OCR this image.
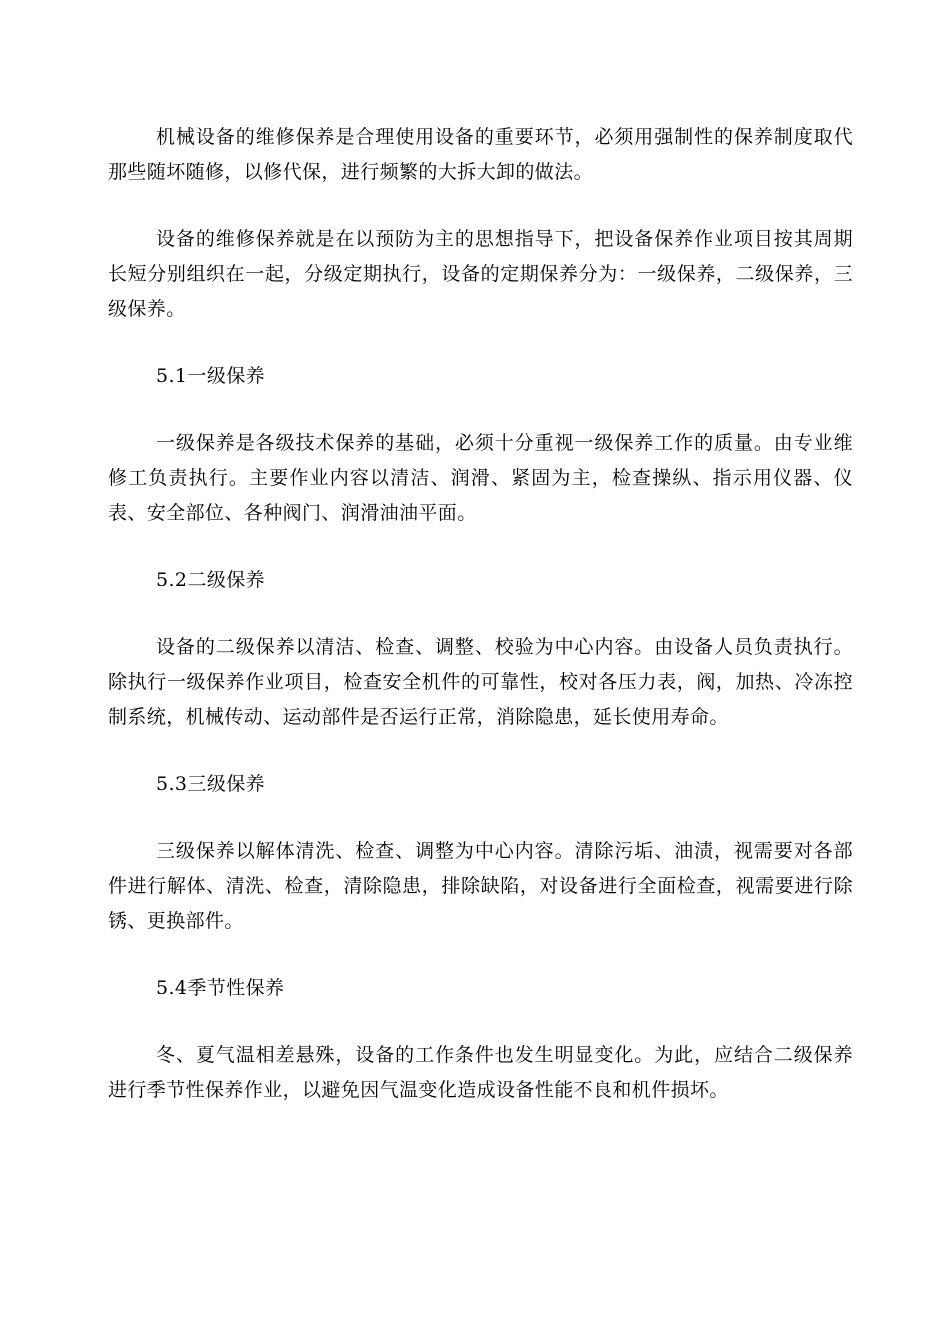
机械设备的维修保养是合理使用设备的重要环节，必须用强制性的保养制度取代那些随坏随修，以修代保，进行频繁的大拆大卸的做法。

设备的维修保养就是在以预防为主的思想指导下，把设备保养作业项目按其周期长短分别组织在一起，分级定期执行，设备的定期保养分为：一级保养，二级保养，三级保养。

5.1一级保养

一级保养是各级技术保养的基础，必须十分重视一级保养工作的质量。由专业维修工负责执行。主要作业内容以清洁、润滑、紧固为主，检查操纵、指示用仪器、仪表、安全部位、各种阀门、润滑油油平面。

5.2二级保养

设备的二级保养以清洁、检查、调整、校验为中心内容。由设备人员负责执行。除执行一级保养作业项目，检查安全机件的可靠性，校对各压力表，阀，加热、冷冻控制系统，机械传动、运动部件是否运行正常，消除隐患，延长使用寿命。

5.3三级保养

三级保养以解体清洗、检查、调整为中心内容。清除污垢、油渍，视需要对各部件进行解体、清洗、检查，清除隐患，排除缺陷，对设备进行全面检查，视需要进行除锈、更换部件。

5.4季节性保养

冬、夏气温相差悬殊，设备的工作条件也发生明显变化。为此，应结合二级保养进行季节性保养作业，以避免因气温变化造成设备性能不良和机件损坏。
